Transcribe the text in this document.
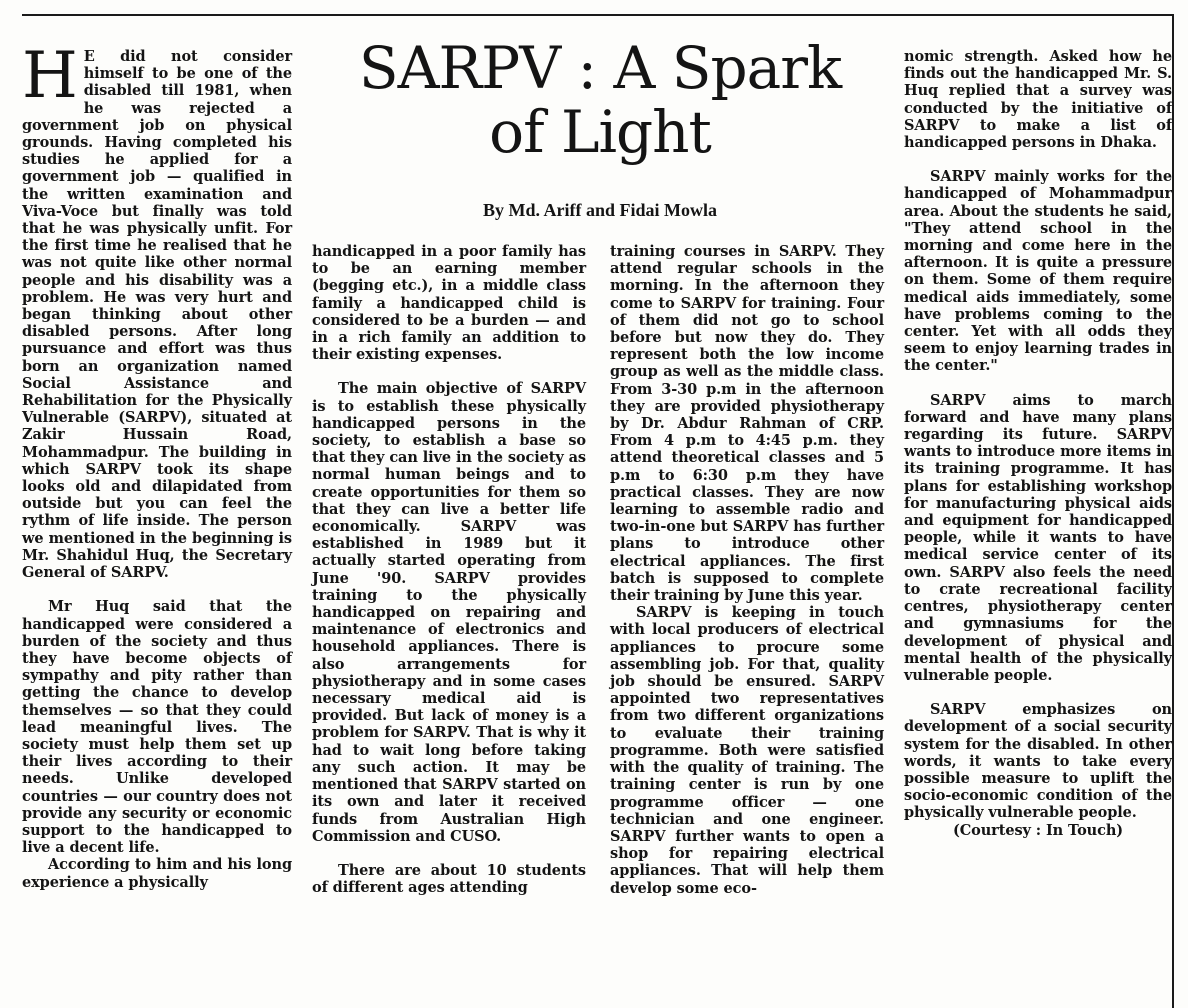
SARPV : A Spark
of Light
By Md. Ariff and Fidai Mowla

H E did not consider himself to be one of the disabled till 1981, when he was rejected a government job on physical grounds. Having completed his studies he applied for a government job — qualified in the written examination and Viva-Voce but finally was told that he was physically unfit. For the first time he realised that he was not quite like other normal people and his disability was a problem. He was very hurt and began thinking about other disabled persons. After long pursuance and effort was thus born an organization named Social Assistance and Rehabilitation for the Physically Vulnerable (SARPV), situated at Zakir Hussain Road, Mohammadpur. The building in which SARPV took its shape looks old and dilapidated from outside but you can feel the rythm of life inside. The person we mentioned in the beginning is Mr. Shahidul Huq, the Secretary General of SARPV.

Mr Huq said that the handicapped were considered a burden of the society and thus they have become objects of sympathy and pity rather than getting the chance to develop themselves — so that they could lead meaningful lives. The society must help them set up their lives according to their needs. Unlike developed countries — our country does not provide any security or economic support to the handicapped to live a decent life.

According to him and his long experience a physically

handicapped in a poor family has to be an earning member (begging etc.), in a middle class family a handicapped child is considered to be a burden — and in a rich family an addition to their existing expenses.

The main objective of SARPV is to establish these physically handicapped persons in the society, to establish a base so that they can live in the society as normal human beings and to create opportunities for them so that they can live a better life economically. SARPV was established in 1989 but it actually started operating from June '90. SARPV provides training to the physically handicapped on repairing and maintenance of electronics and household appliances. There is also arrangements for physiotherapy and in some cases necessary medical aid is provided. But lack of money is a problem for SARPV. That is why it had to wait long before taking any such action. It may be mentioned that SARPV started on its own and later it received funds from Australian High Commission and CUSO.

There are about 10 students of different ages attending

training courses in SARPV. They attend regular schools in the morning. In the afternoon they come to SARPV for training. Four of them did not go to school before but now they do. They represent both the low income group as well as the middle class. From 3-30 p.m in the afternoon they are provided physiotherapy by Dr. Abdur Rahman of CRP. From 4 p.m to 4:45 p.m. they attend theoretical classes and 5 p.m to 6:30 p.m they have practical classes. They are now learning to assemble radio and two-in-one but SARPV has further plans to introduce other electrical appliances. The first batch is supposed to complete their training by June this year.

SARPV is keeping in touch with local producers of electrical appliances to procure some assembling job. For that, quality job should be ensured. SARPV appointed two representatives from two different organizations to evaluate their training programme. Both were satisfied with the quality of training. The training center is run by one programme officer — one technician and one engineer. SARPV further wants to open a shop for repairing electrical appliances. That will help them develop some eco-

nomic strength. Asked how he finds out the handicapped Mr. S. Huq replied that a survey was conducted by the initiative of SARPV to make a list of handicapped persons in Dhaka.

SARPV mainly works for the handicapped of Mohammadpur area. About the students he said, "They attend school in the morning and come here in the afternoon. It is quite a pressure on them. Some of them require medical aids immediately, some have problems coming to the center. Yet with all odds they seem to enjoy learning trades in the center."

SARPV aims to march forward and have many plans regarding its future. SARPV wants to introduce more items in its training programme. It has plans for establishing workshop for manufacturing physical aids and equipment for handicapped people, while it wants to have medical service center of its own. SARPV also feels the need to crate recreational facility centres, physiotherapy center and gymnasiums for the development of physical and mental health of the physically vulnerable people.

SARPV emphasizes on development of a social security system for the disabled. In other words, it wants to take every possible measure to uplift the socio-economic condition of the physically vulnerable people.

(Courtesy : In Touch)
